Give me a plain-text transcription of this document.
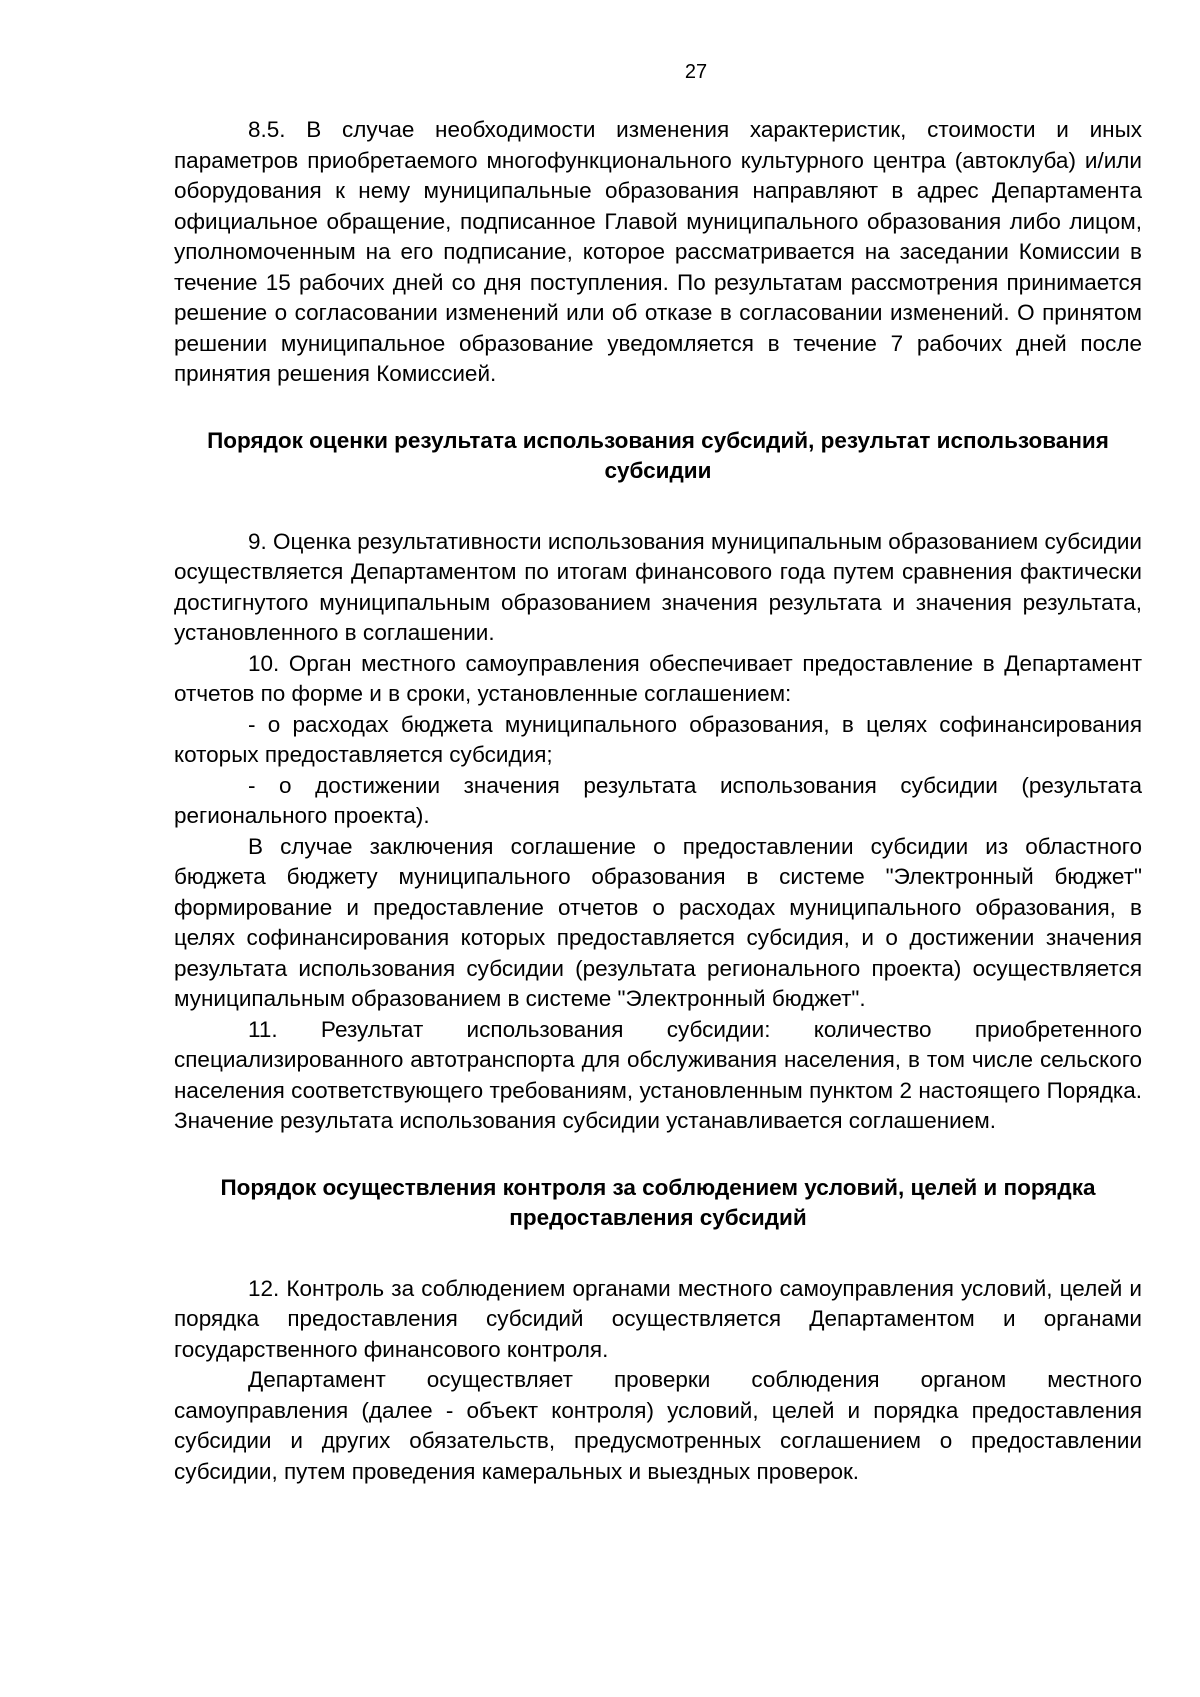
27

8.5. В случае необходимости изменения характеристик, стоимости и иных параметров приобретаемого многофункционального культурного центра (автоклуба) и/или оборудования к нему муниципальные образования направляют в адрес Департамента официальное обращение, подписанное Главой муниципального образования либо лицом, уполномоченным на его подписание, которое рассматривается на заседании Комиссии в течение 15 рабочих дней со дня поступления. По результатам рассмотрения принимается решение о согласовании изменений или об отказе в согласовании изменений. О принятом решении муниципальное образование уведомляется в течение 7 рабочих дней после принятия решения Комиссией.

Порядок оценки результата использования субсидий, результат использования субсидии

9. Оценка результативности использования муниципальным образованием субсидии осуществляется Департаментом по итогам финансового года путем сравнения фактически достигнутого муниципальным образованием значения результата и значения результата, установленного в соглашении.

10. Орган местного самоуправления обеспечивает предоставление в Департамент отчетов по форме и в сроки, установленные соглашением:

- о расходах бюджета муниципального образования, в целях софинансирования которых предоставляется субсидия;

- о достижении значения результата использования субсидии (результата регионального проекта).

В случае заключения соглашение о предоставлении субсидии из областного бюджета бюджету муниципального образования в системе "Электронный бюджет" формирование и предоставление отчетов о расходах муниципального образования, в целях софинансирования которых предоставляется субсидия, и о достижении значения результата использования субсидии (результата регионального проекта) осуществляется муниципальным образованием в системе "Электронный бюджет".

11. Результат использования субсидии: количество приобретенного специализированного автотранспорта для обслуживания населения, в том числе сельского населения соответствующего требованиям, установленным пунктом 2 настоящего Порядка. Значение результата использования субсидии устанавливается соглашением.

Порядок осуществления контроля за соблюдением условий, целей и порядка предоставления субсидий

12. Контроль за соблюдением органами местного самоуправления условий, целей и порядка предоставления субсидий осуществляется Департаментом и органами государственного финансового контроля.

Департамент осуществляет проверки соблюдения органом местного самоуправления (далее - объект контроля) условий, целей и порядка предоставления субсидии и других обязательств, предусмотренных соглашением о предоставлении субсидии, путем проведения камеральных и выездных проверок.
